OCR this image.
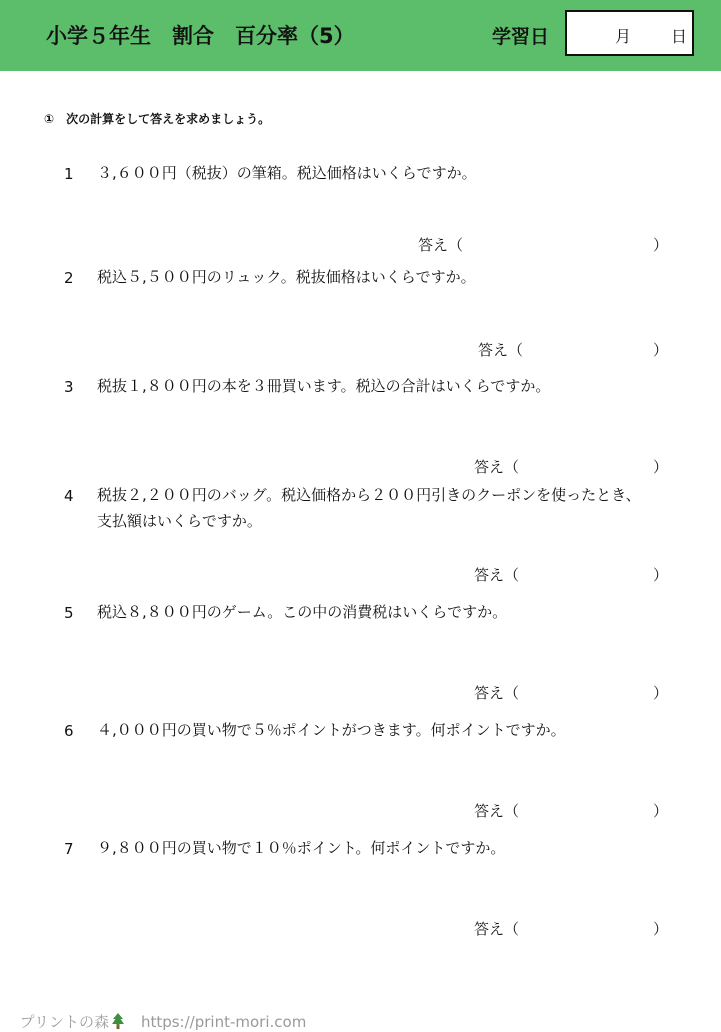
小学５年生　割合　百分率（5）	学習日	月 日
①　次の計算をして答えを求めましょう。
1 ３,６００円（税抜）の筆箱。税込価格はいくらですか。
答え（	）
2 税込５,５００円のリュック。税抜価格はいくらですか。
答え（	）
3 税抜１,８００円の本を３冊買います。税込の合計はいくらですか。
答え（	）
4 税抜２,２００円のバッグ。税込価格から２００円引きのクーポンを使ったとき、
支払額はいくらですか。
答え（	）
5 税込８,８００円のゲーム。この中の消費税はいくらですか。
答え（	）
6 ４,０００円の買い物で５％ポイントがつきます。何ポイントですか。
答え（	）
7 ９,８００円の買い物で１０％ポイント。何ポイントですか。
答え（	）

プリントの森 https://print-mori.com
